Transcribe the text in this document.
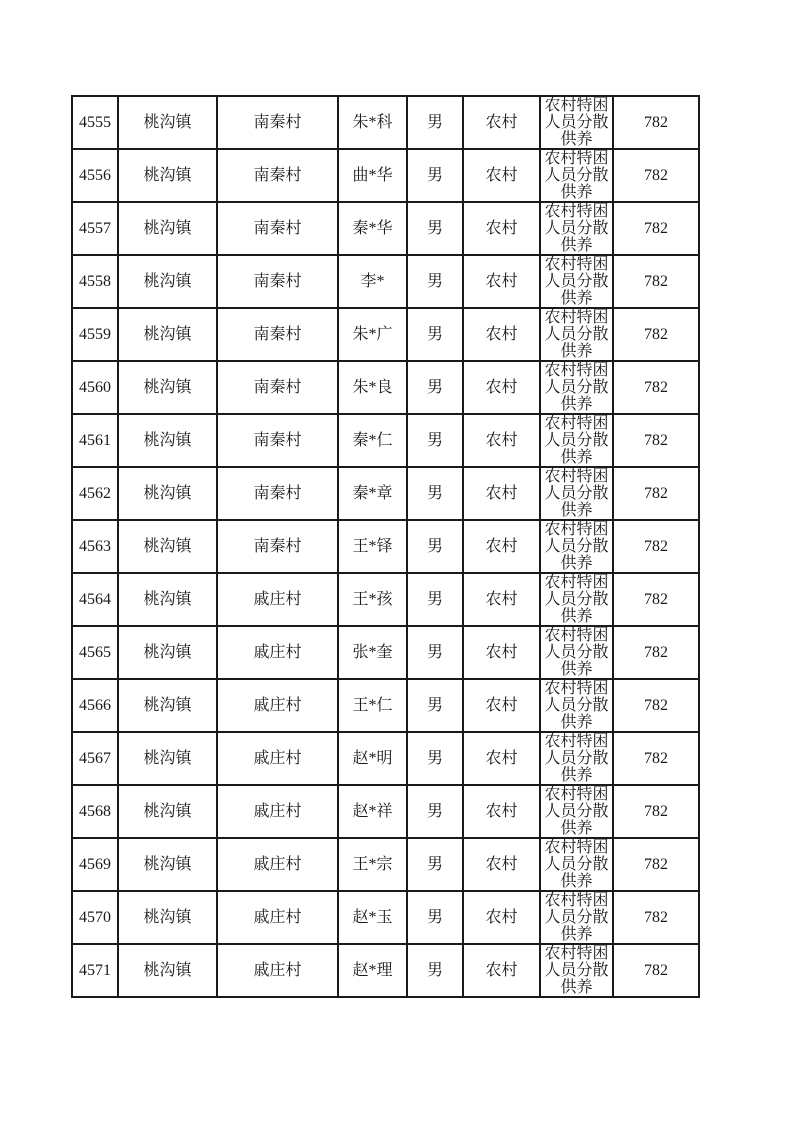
4555	桃沟镇	南秦村	朱*科	男	农村	农村特困人员分散供养	782
4556	桃沟镇	南秦村	曲*华	男	农村	农村特困人员分散供养	782
4557	桃沟镇	南秦村	秦*华	男	农村	农村特困人员分散供养	782
4558	桃沟镇	南秦村	李*	男	农村	农村特困人员分散供养	782
4559	桃沟镇	南秦村	朱*广	男	农村	农村特困人员分散供养	782
4560	桃沟镇	南秦村	朱*良	男	农村	农村特困人员分散供养	782
4561	桃沟镇	南秦村	秦*仁	男	农村	农村特困人员分散供养	782
4562	桃沟镇	南秦村	秦*章	男	农村	农村特困人员分散供养	782
4563	桃沟镇	南秦村	王*铎	男	农村	农村特困人员分散供养	782
4564	桃沟镇	戚庄村	王*孩	男	农村	农村特困人员分散供养	782
4565	桃沟镇	戚庄村	张*奎	男	农村	农村特困人员分散供养	782
4566	桃沟镇	戚庄村	王*仁	男	农村	农村特困人员分散供养	782
4567	桃沟镇	戚庄村	赵*明	男	农村	农村特困人员分散供养	782
4568	桃沟镇	戚庄村	赵*祥	男	农村	农村特困人员分散供养	782
4569	桃沟镇	戚庄村	王*宗	男	农村	农村特困人员分散供养	782
4570	桃沟镇	戚庄村	赵*玉	男	农村	农村特困人员分散供养	782
4571	桃沟镇	戚庄村	赵*理	男	农村	农村特困人员分散供养	782
